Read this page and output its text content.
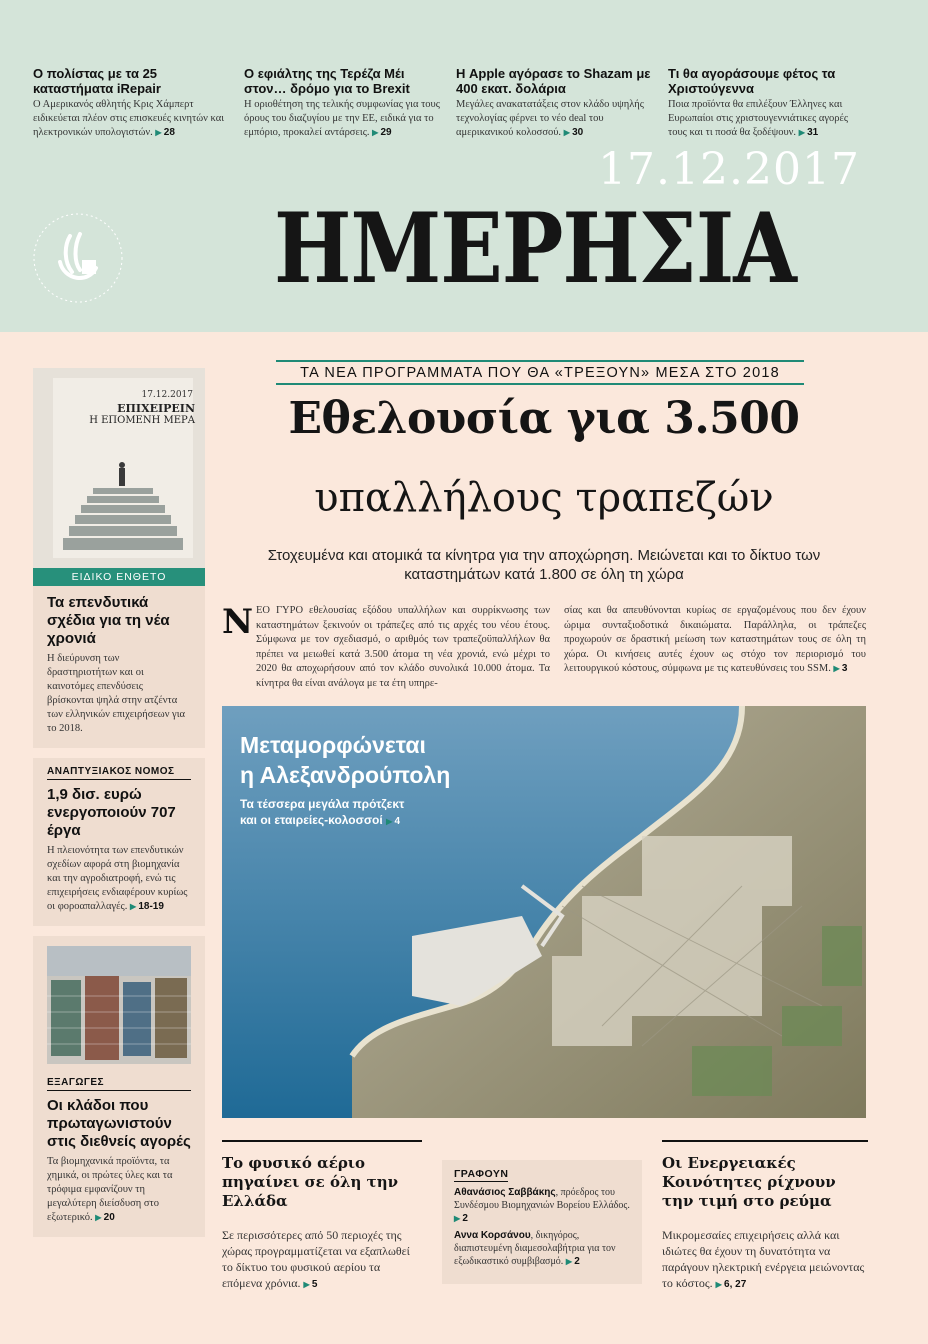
Ο πολίστας με τα 25 καταστήματα iRepair

Ο Αμερικανός αθλητής Κρις Χάμπερτ ειδικεύεται πλέον στις επισκευές κινητών και ηλεκτρονικών υπολογιστών. ▶ 28

Ο εφιάλτης της Τερέζα Μέι στον… δρόμο για το Brexit

Η οριοθέτηση της τελικής συμφωνίας για τους όρους του διαζυγίου με την ΕΕ, ειδικά για το εμπόριο, προκαλεί αντάρσεις. ▶ 29

Η Apple αγόρασε το Shazam με 400 εκατ. δολάρια

Μεγάλες ανακατατάξεις στον κλάδο υψηλής τεχνολογίας φέρνει το νέο deal του αμερικανικού κολοσσού. ▶ 30

Τι θα αγοράσουμε φέτος τα Χριστούγεννα

Ποια προϊόντα θα επιλέξουν Έλληνες και Ευρωπαίοι στις χριστουγεννιάτικες αγορές τους και τι ποσά θα ξοδέψουν. ▶ 31

17.12.2017
ΗΜΕΡΗΣΙΑ
17.12.2017
ΕΠΙΧΕΙΡΕΙΝ
Η ΕΠΟΜΕΝΗ ΜΕΡΑ
ΕΙΔΙΚΟ ΕΝΘΕΤΟ
Τα επενδυτικά σχέδια για τη νέα χρονιά

Η διεύρυνση των δραστηριοτήτων και οι καινοτόμες επενδύσεις βρίσκονται ψηλά στην ατζέντα των ελληνικών επιχειρήσεων για το 2018.

ΑΝΑΠΤΥΞΙΑΚΟΣ ΝΟΜΟΣ
1,9 δισ. ευρώ ενεργοποιούν 707 έργα

Η πλειονότητα των επενδυτικών σχεδίων αφορά στη βιομηχανία και την αγροδιατροφή, ενώ τις επιχειρήσεις ενδιαφέρουν κυρίως οι φοροαπαλλαγές. ▶ 18-19

ΕΞΑΓΩΓΕΣ
Οι κλάδοι που πρωταγωνιστούν στις διεθνείς αγορές

Τα βιομηχανικά προϊόντα, τα χημικά, οι πρώτες ύλες και τα τρόφιμα εμφανίζουν τη μεγαλύτερη διείσδυση στο εξωτερικό. ▶ 20

ΤΑ ΝΕΑ ΠΡΟΓΡΑΜΜΑΤΑ ΠΟΥ ΘΑ «ΤΡΕΞΟΥΝ» ΜΕΣΑ ΣΤΟ 2018
Εθελουσία για 3.500
υπαλλήλους τραπεζών
Στοχευμένα και ατομικά τα κίνητρα για την αποχώρηση. Μειώνεται και το δίκτυο των καταστημάτων κατά 1.800 σε όλη τη χώρα
Ν ΕΟ ΓΥΡΟ εθελουσίας εξόδου υπαλλήλων και συρρίκνωσης των καταστημάτων ξεκινούν οι τράπεζες από τις αρχές του νέου έτους. Σύμφωνα με τον σχεδιασμό, ο αριθμός των τραπεζοϋπαλλήλων θα πρέπει να μειωθεί κατά 3.500 άτομα τη νέα χρονιά, ενώ μέχρι το 2020 θα αποχωρήσουν από τον κλάδο συνολικά 10.000 άτομα. Τα κίνητρα θα είναι ανάλογα με τα έτη υπηρε-
σίας και θα απευθύνονται κυρίως σε εργαζομένους που δεν έχουν ώριμα συνταξιοδοτικά δικαιώματα. Παράλληλα, οι τράπεζες προχωρούν σε δραστική μείωση των καταστημάτων τους σε όλη τη χώρα. Οι κινήσεις αυτές έχουν ως στόχο τον περιορισμό του λειτουργικού κόστους, σύμφωνα με τις κατευθύνσεις του SSM. ▶ 3
Μεταμορφώνεται
η Αλεξανδρούπολη
Τα τέσσερα μεγάλα πρότζεκτ
και οι εταιρείες-κολοσσοί ▶ 4
Το φυσικό αέριο πηγαίνει σε όλη την Ελλάδα

Σε περισσότερες από 50 περιοχές της χώρας προγραμματίζεται να εξαπλωθεί το δίκτυο του φυσικού αερίου τα επόμενα χρόνια. ▶ 5

ΓΡΑΦΟΥΝ

Αθανάσιος Σαββάκης, πρόεδρος του Συνδέσμου Βιομηχανιών Βορείου Ελλάδος. ▶ 2

Αννα Κορσάνου, δικηγόρος, διαπιστευμένη διαμεσολαβήτρια για τον εξωδικαστικό συμβιβασμό. ▶ 2

Οι Ενεργειακές Κοινότητες ρίχνουν την τιμή στο ρεύμα

Μικρομεσαίες επιχειρήσεις αλλά και ιδιώτες θα έχουν τη δυνατότητα να παράγουν ηλεκτρική ενέργεια μειώνοντας το κόστος. ▶ 6, 27
